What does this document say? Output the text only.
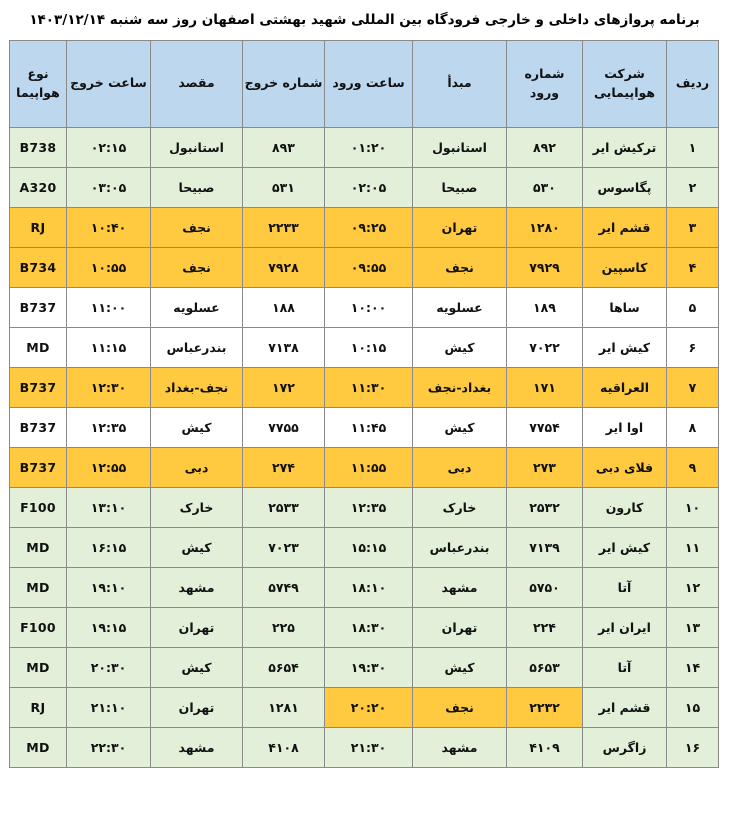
برنامه پروازهای داخلی و خارجی فرودگاه بین المللی شهید بهشتی اصفهان روز سه شنبه ۱۴۰۳/۱۲/۱۴
ردیف	شرکت هواپیمایی	شماره ورود	مبدأ	ساعت ورود	شماره خروج	مقصد	ساعت خروج	نوع هواپیما
۱	ترکیش ایر	۸۹۲	استانبول	۰۱:۲۰	۸۹۳	استانبول	۰۲:۱۵	B738
۲	پگاسوس	۵۳۰	صبیحا	۰۲:۰۵	۵۳۱	صبیحا	۰۳:۰۵	A320
۳	قشم ایر	۱۲۸۰	تهران	۰۹:۲۵	۲۲۳۳	نجف	۱۰:۴۰	RJ
۴	کاسپین	۷۹۲۹	نجف	۰۹:۵۵	۷۹۲۸	نجف	۱۰:۵۵	B734
۵	ساها	۱۸۹	عسلویه	۱۰:۰۰	۱۸۸	عسلویه	۱۱:۰۰	B737
۶	کیش ایر	۷۰۲۲	کیش	۱۰:۱۵	۷۱۳۸	بندرعباس	۱۱:۱۵	MD
۷	العراقیه	۱۷۱	بغداد-نجف	۱۱:۳۰	۱۷۲	نجف-بغداد	۱۲:۳۰	B737
۸	اوا ایر	۷۷۵۴	کیش	۱۱:۴۵	۷۷۵۵	کیش	۱۲:۳۵	B737
۹	فلای دبی	۲۷۳	دبی	۱۱:۵۵	۲۷۴	دبی	۱۲:۵۵	B737
۱۰	کارون	۲۵۳۲	خارک	۱۲:۳۵	۲۵۳۳	خارک	۱۳:۱۰	F100
۱۱	کیش ایر	۷۱۳۹	بندرعباس	۱۵:۱۵	۷۰۲۳	کیش	۱۶:۱۵	MD
۱۲	آتا	۵۷۵۰	مشهد	۱۸:۱۰	۵۷۴۹	مشهد	۱۹:۱۰	MD
۱۳	ایران ایر	۲۲۴	تهران	۱۸:۳۰	۲۲۵	تهران	۱۹:۱۵	F100
۱۴	آتا	۵۶۵۳	کیش	۱۹:۳۰	۵۶۵۴	کیش	۲۰:۳۰	MD
۱۵	قشم ایر	۲۲۳۲	نجف	۲۰:۲۰	۱۲۸۱	تهران	۲۱:۱۰	RJ
۱۶	زاگرس	۴۱۰۹	مشهد	۲۱:۳۰	۴۱۰۸	مشهد	۲۲:۳۰	MD
